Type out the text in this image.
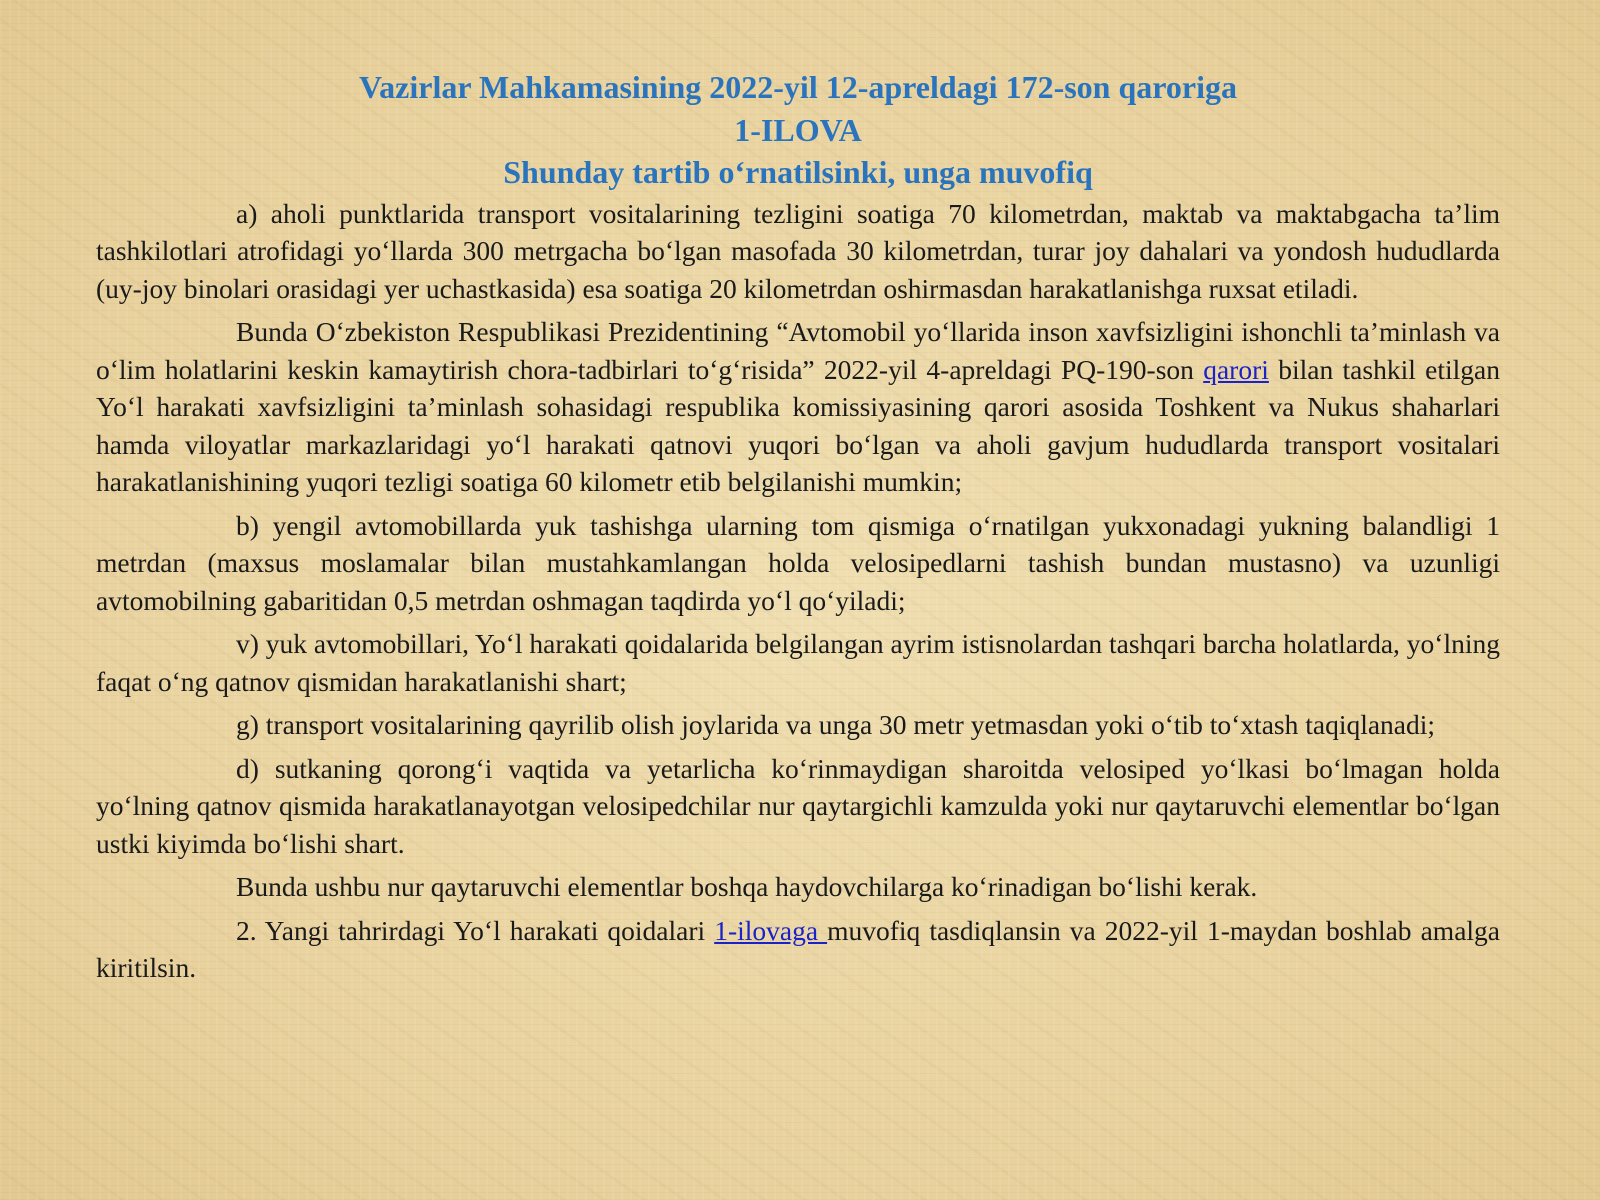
Vazirlar Mahkamasining 2022-yil 12-apreldagi 172-son qaroriga
1-ILOVA
Shunday tartib o‘rnatilsinki, unga muvofiq

a) aholi punktlarida transport vositalarining tezligini soatiga 70 kilometrdan, maktab va maktabgacha ta’lim tashkilotlari atrofidagi yo‘llarda 300 metrgacha bo‘lgan masofada 30 kilometrdan, turar joy dahalari va yondosh hududlarda (uy-joy binolari orasidagi yer uchastkasida) esa soatiga 20 kilometrdan oshirmasdan harakatlanishga ruxsat etiladi.

Bunda O‘zbekiston Respublikasi Prezidentining “Avtomobil yo‘llarida inson xavfsizligini ishonchli ta’minlash va o‘lim holatlarini keskin kamaytirish chora-tadbirlari to‘g‘risida” 2022-yil 4-apreldagi PQ-190-son qarori bilan tashkil etilgan Yo‘l harakati xavfsizligini ta’minlash sohasidagi respublika komissiyasining qarori asosida Toshkent va Nukus shaharlari hamda viloyatlar markazlaridagi yo‘l harakati qatnovi yuqori bo‘lgan va aholi gavjum hududlarda transport vositalari harakatlanishining yuqori tezligi soatiga 60 kilometr etib belgilanishi mumkin;

b) yengil avtomobillarda yuk tashishga ularning tom qismiga o‘rnatilgan yukxonadagi yukning balandligi 1 metrdan (maxsus moslamalar bilan mustahkamlangan holda velosipedlarni tashish bundan mustasno) va uzunligi avtomobilning gabaritidan 0,5 metrdan oshmagan taqdirda yo‘l qo‘yiladi;

v) yuk avtomobillari, Yo‘l harakati qoidalarida belgilangan ayrim istisnolardan tashqari barcha holatlarda, yo‘lning faqat o‘ng qatnov qismidan harakatlanishi shart;

g) transport vositalarining qayrilib olish joylarida va unga 30 metr yetmasdan yoki o‘tib to‘xtash taqiqlanadi;

d) sutkaning qorong‘i vaqtida va yetarlicha ko‘rinmaydigan sharoitda velosiped yo‘lkasi bo‘lmagan holda yo‘lning qatnov qismida harakatlanayotgan velosipedchilar nur qaytargichli kamzulda yoki nur qaytaruvchi elementlar bo‘lgan ustki kiyimda bo‘lishi shart.

Bunda ushbu nur qaytaruvchi elementlar boshqa haydovchilarga ko‘rinadigan bo‘lishi kerak.

2. Yangi tahrirdagi Yo‘l harakati qoidalari 1-ilovaga muvofiq tasdiqlansin va 2022-yil 1-maydan boshlab amalga kiritilsin.
